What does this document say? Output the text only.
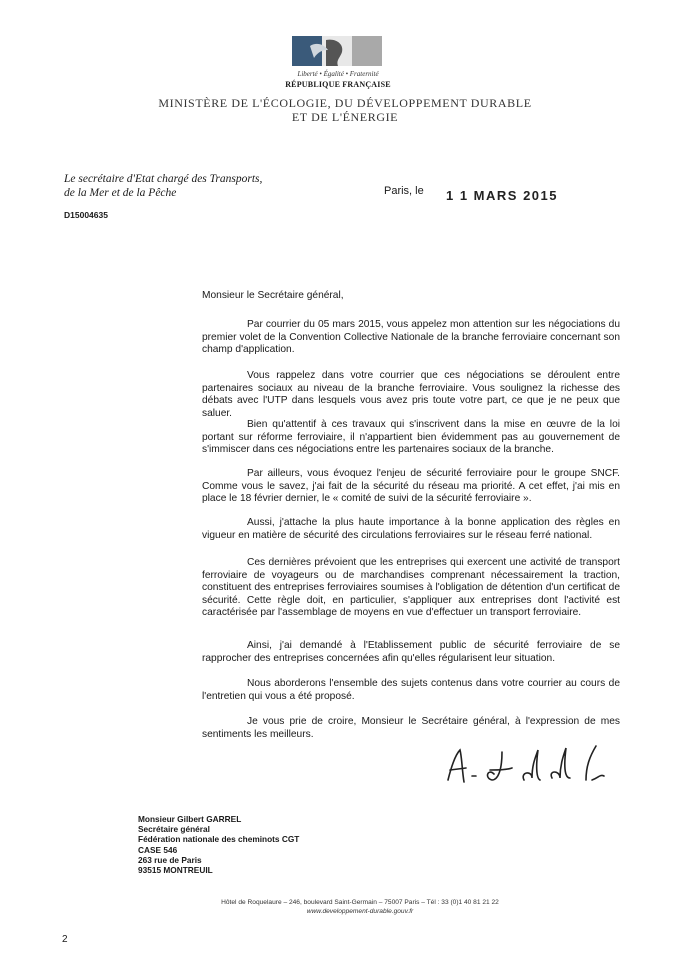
Liberté • Égalité • Fraternité
RÉPUBLIQUE FRANÇAISE
MINISTÈRE DE L'ÉCOLOGIE, DU DÉVELOPPEMENT DURABLE
ET DE L'ÉNERGIE
Le secrétaire d'Etat chargé des Transports,
de la Mer et de la Pêche	Paris, le 1 1 MARS 2015
D15004635
Monsieur le Secrétaire général,

Par courrier du 05 mars 2015, vous appelez mon attention sur les négociations du premier volet de la Convention Collective Nationale de la branche ferroviaire concernant son champ d'application.

Vous rappelez dans votre courrier que ces négociations se déroulent entre partenaires sociaux au niveau de la branche ferroviaire. Vous soulignez la richesse des débats avec l'UTP dans lesquels vous avez pris toute votre part, ce que je ne peux que saluer.

Bien qu'attentif à ces travaux qui s'inscrivent dans la mise en œuvre de la loi portant sur réforme ferroviaire, il n'appartient bien évidemment pas au gouvernement de s'immiscer dans ces négociations entre les partenaires sociaux de la branche.

Par ailleurs, vous évoquez l'enjeu de sécurité ferroviaire pour le groupe SNCF. Comme vous le savez, j'ai fait de la sécurité du réseau ma priorité. A cet effet, j'ai mis en place le 18 février dernier, le « comité de suivi de la sécurité ferroviaire ».

Aussi, j'attache la plus haute importance à la bonne application des règles en vigueur en matière de sécurité des circulations ferroviaires sur le réseau ferré national.

Ces dernières prévoient que les entreprises qui exercent une activité de transport ferroviaire de voyageurs ou de marchandises comprenant nécessairement la traction, constituent des entreprises ferroviaires soumises à l'obligation de détention d'un certificat de sécurité. Cette règle doit, en particulier, s'appliquer aux entreprises dont l'activité est caractérisée par l'assemblage de moyens en vue d'effectuer un transport ferroviaire.

Ainsi, j'ai demandé à l'Etablissement public de sécurité ferroviaire de se rapprocher des entreprises concernées afin qu'elles régularisent leur situation.

Nous aborderons l'ensemble des sujets contenus dans votre courrier au cours de l'entretien qui vous a été proposé.

Je vous prie de croire, Monsieur le Secrétaire général, à l'expression de mes sentiments les meilleurs.

Monsieur Gilbert GARREL
Secrétaire général
Fédération nationale des cheminots CGT
CASE 546
263 rue de Paris
93515 MONTREUIL
Hôtel de Roquelaure – 246, boulevard Saint-Germain – 75007 Paris – Tél : 33 (0)1 40 81 21 22
www.developpement-durable.gouv.fr
2
